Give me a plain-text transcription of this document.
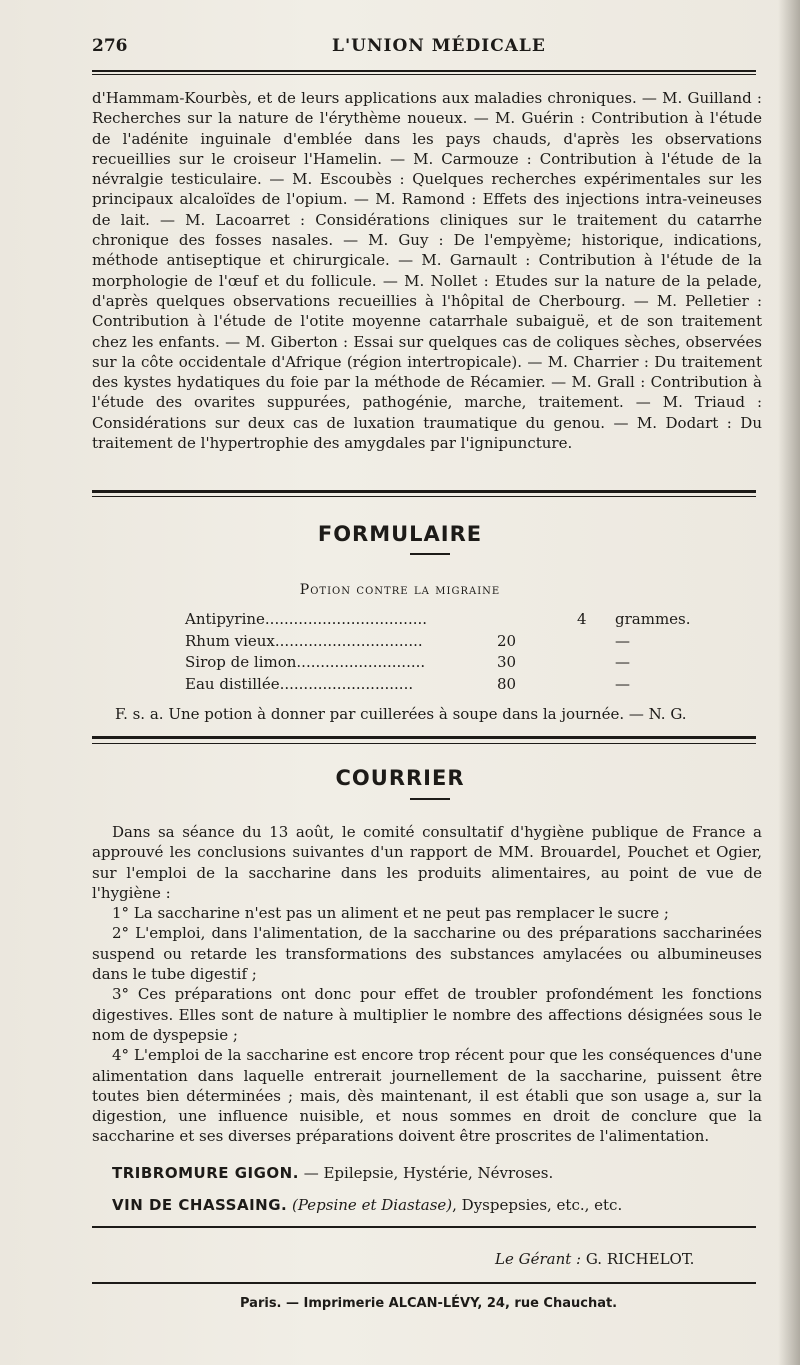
276	L'UNION MÉDICALE

d'Hammam-Kourbès, et de leurs applications aux maladies chroniques. — M. Guilland : Recherches sur la nature de l'érythème noueux. — M. Guérin : Contribution à l'étude de l'adénite inguinale d'emblée dans les pays chauds, d'après les observations recueillies sur le croiseur l'Hamelin. — M. Carmouze : Contribution à l'étude de la névralgie testiculaire. — M. Escoubès : Quelques recherches expérimentales sur les principaux alcaloïdes de l'opium. — M. Ramond : Effets des injections intra-veineuses de lait. — M. Lacoarret : Considérations cliniques sur le traitement du catarrhe chronique des fosses nasales. — M. Guy : De l'empyème; historique, indications, méthode antiseptique et chirurgicale. — M. Garnault : Contribution à l'étude de la morphologie de l'œuf et du follicule. — M. Nollet : Etudes sur la nature de la pelade, d'après quelques observations recueillies à l'hôpital de Cherbourg. — M. Pelletier : Contribution à l'étude de l'otite moyenne catarrhale subaiguë, et de son traitement chez les enfants. — M. Giberton : Essai sur quelques cas de coliques sèches, observées sur la côte occidentale d'Afrique (région intertropicale). — M. Charrier : Du traitement des kystes hydatiques du foie par la méthode de Récamier. — M. Grall : Contribution à l'étude des ovarites suppurées, pathogénie, marche, traitement. — M. Triaud : Considérations sur deux cas de luxation traumatique du genou. — M. Dodart : Du traitement de l'hypertrophie des amygdales par l'ignipuncture.

FORMULAIRE
Potion contre la migraine
Antipyrine..................................	4 grammes.
Rhum vieux...............................	20	—
Sirop de limon...........................	30	—
Eau distillée............................	80	—
F. s. a. Une potion à donner par cuillerées à soupe dans la journée. — N. G.
COURRIER

Dans sa séance du 13 août, le comité consultatif d'hygiène publique de France a approuvé les conclusions suivantes d'un rapport de MM. Brouardel, Pouchet et Ogier, sur l'emploi de la saccharine dans les produits alimentaires, au point de vue de l'hygiène :

1° La saccharine n'est pas un aliment et ne peut pas remplacer le sucre ;

2° L'emploi, dans l'alimentation, de la saccharine ou des préparations saccharinées suspend ou retarde les transformations des substances amylacées ou albumineuses dans le tube digestif ;

3° Ces préparations ont donc pour effet de troubler profondément les fonctions digestives. Elles sont de nature à multiplier le nombre des affections désignées sous le nom de dyspepsie ;

4° L'emploi de la saccharine est encore trop récent pour que les conséquences d'une alimentation dans laquelle entrerait journellement de la saccharine, puissent être toutes bien déterminées ; mais, dès maintenant, il est établi que son usage a, sur la digestion, une influence nuisible, et nous sommes en droit de conclure que la saccharine et ses diverses préparations doivent être proscrites de l'alimentation.

TRIBROMURE GIGON. — Epilepsie, Hystérie, Névroses.
VIN DE CHASSAING. (Pepsine et Diastase), Dyspepsies, etc., etc.
Le Gérant : G. RICHELOT.
Paris. — Imprimerie ALCAN-LÉVY, 24, rue Chauchat.
